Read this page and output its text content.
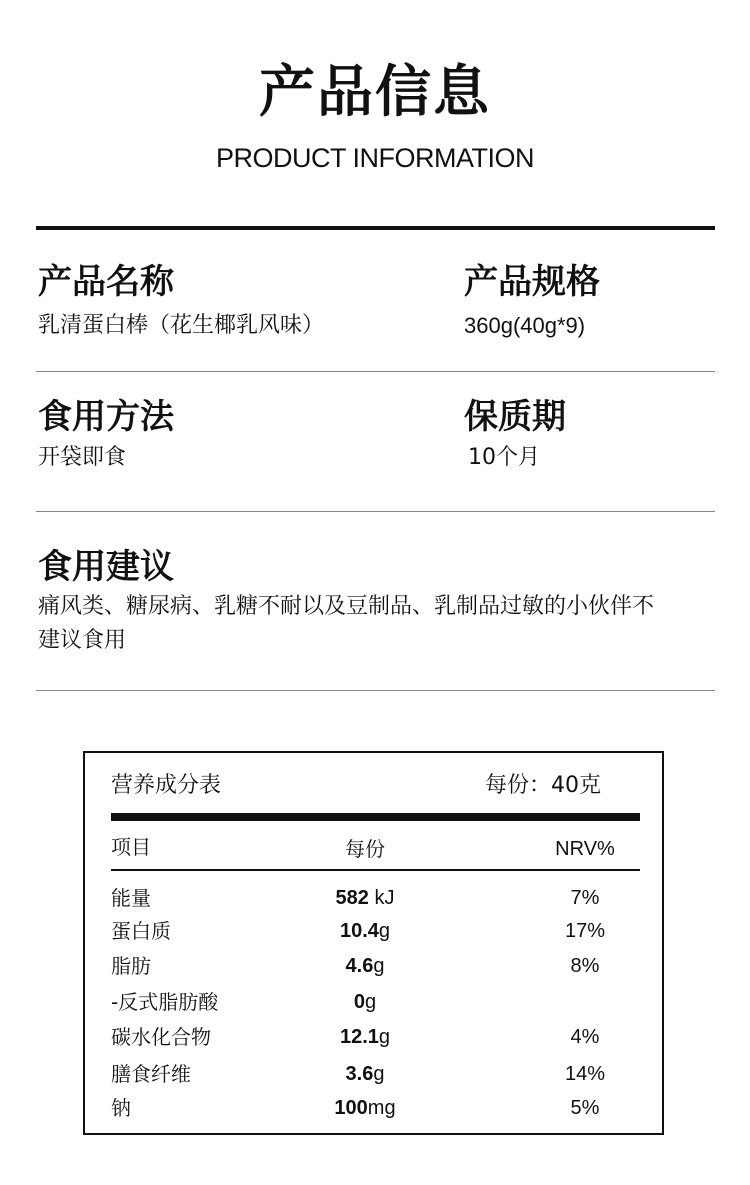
产品信息
PRODUCT INFORMATION
产品名称
乳清蛋白棒（花生椰乳风味）
产品规格
360g(40g*9)
食用方法
开袋即食
保质期
10个月
食用建议
痛风类、糖尿病、乳糖不耐以及豆制品、乳制品过敏的小伙伴不
建议食用
营养成分表	每份：40克
项目	每份	NRV%
能量	582 kJ	7%
蛋白质	10.4g	17%
脂肪	4.6g	8%
-反式脂肪酸	0g
碳水化合物	12.1g	4%
膳食纤维	3.6g	14%
钠	100mg	5%
